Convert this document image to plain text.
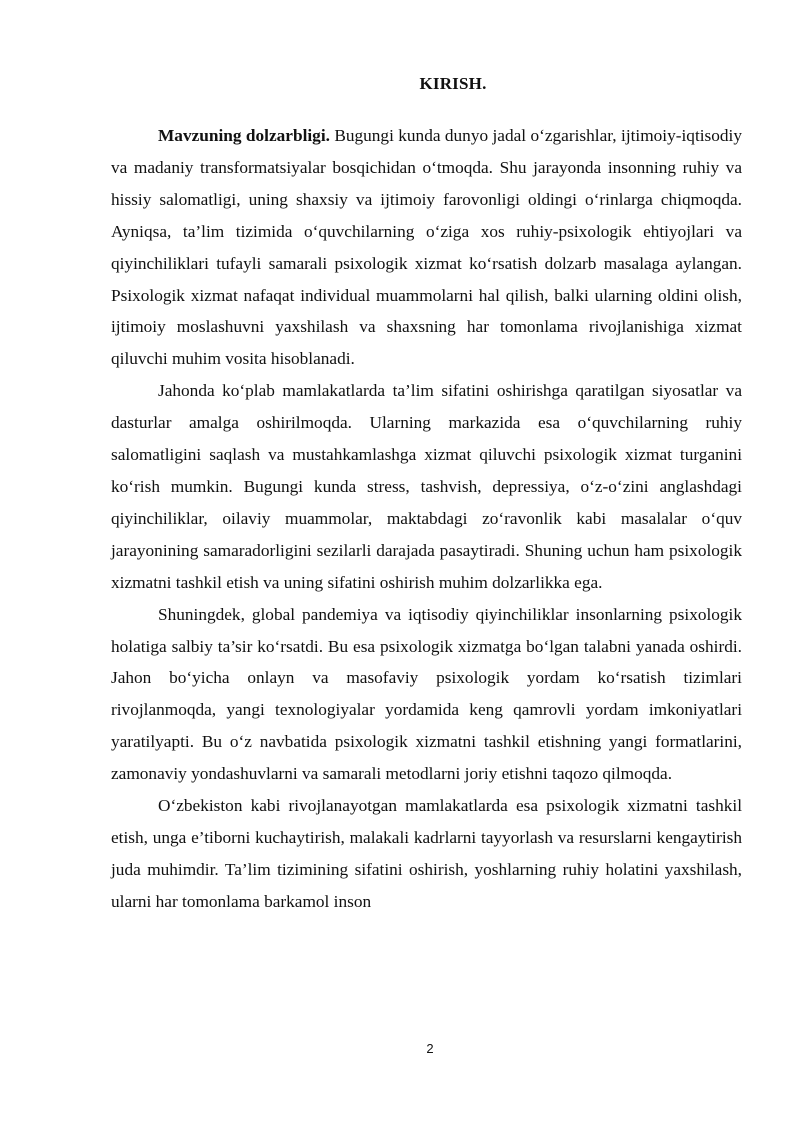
KIRISH.

Mavzuning dolzarbligi. Bugungi kunda dunyo jadal o‘zgarishlar, ijtimoiy-iqtisodiy va madaniy transformatsiyalar bosqichidan o‘tmoqda. Shu jarayonda insonning ruhiy va hissiy salomatligi, uning shaxsiy va ijtimoiy farovonligi oldingi o‘rinlarga chiqmoqda. Ayniqsa, ta’lim tizimida o‘quvchilarning o‘ziga xos ruhiy-psixologik ehtiyojlari va qiyinchiliklari tufayli samarali psixologik xizmat ko‘rsatish dolzarb masalaga aylangan. Psixologik xizmat nafaqat individual muammolarni hal qilish, balki ularning oldini olish, ijtimoiy moslashuvni yaxshilash va shaxsning har tomonlama rivojlanishiga xizmat qiluvchi muhim vosita hisoblanadi.

Jahonda ko‘plab mamlakatlarda ta’lim sifatini oshirishga qaratilgan siyosatlar va dasturlar amalga oshirilmoqda. Ularning markazida esa o‘quvchilarning ruhiy salomatligini saqlash va mustahkamlashga xizmat qiluvchi psixologik xizmat turganini ko‘rish mumkin. Bugungi kunda stress, tashvish, depressiya, o‘z-o‘zini anglashdagi qiyinchiliklar, oilaviy muammolar, maktabdagi zo‘ravonlik kabi masalalar o‘quv jarayonining samaradorligini sezilarli darajada pasaytiradi. Shuning uchun ham psixologik xizmatni tashkil etish va uning sifatini oshirish muhim dolzarlikka ega.

Shuningdek, global pandemiya va iqtisodiy qiyinchiliklar insonlarning psixologik holatiga salbiy ta’sir ko‘rsatdi. Bu esa psixologik xizmatga bo‘lgan talabni yanada oshirdi. Jahon bo‘yicha onlayn va masofaviy psixologik yordam ko‘rsatish tizimlari rivojlanmoqda, yangi texnologiyalar yordamida keng qamrovli yordam imkoniyatlari yaratilyapti. Bu o‘z navbatida psixologik xizmatni tashkil etishning yangi formatlarini, zamonaviy yondashuvlarni va samarali metodlarni joriy etishni taqozo qilmoqda.

O‘zbekiston kabi rivojlanayotgan mamlakatlarda esa psixologik xizmatni tashkil etish, unga e’tiborni kuchaytirish, malakali kadrlarni tayyorlash va resurslarni kengaytirish juda muhimdir. Ta’lim tizimining sifatini oshirish, yoshlarning ruhiy holatini yaxshilash, ularni har tomonlama barkamol inson

2
